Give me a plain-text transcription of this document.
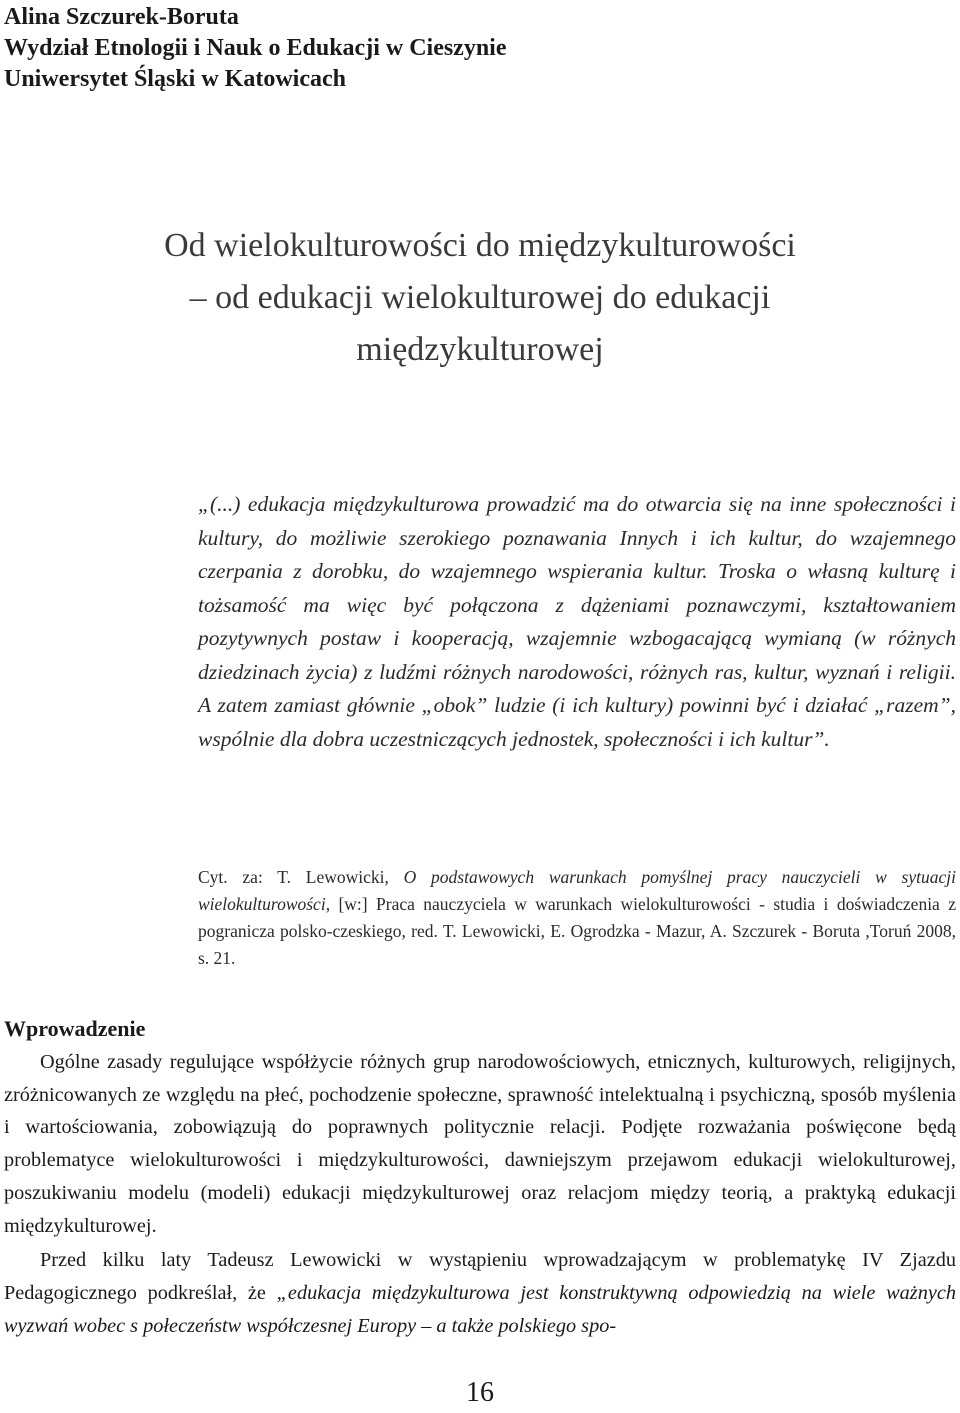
Alina Szczurek-Boruta
Wydział Etnologii i Nauk o Edukacji w Cieszynie
Uniwersytet Śląski w Katowicach
Od wielokulturowości do międzykulturowości
– od edukacji wielokulturowej do edukacji
międzykulturowej
„(...) edukacja międzykulturowa prowadzić ma do otwarcia się na inne społeczności i kultury, do możliwie szerokiego poznawania Innych i ich kultur, do wzajemnego czerpania z dorobku, do wzajemnego wspierania kultur. Troska o własną kulturę i tożsamość ma więc być połączona z dążeniami poznawczymi, kształtowaniem pozytywnych postaw i kooperacją, wzajemnie wzbogacającą wymianą (w różnych dziedzinach życia) z ludźmi różnych narodowości, różnych ras, kultur, wyznań i religii. A zatem zamiast głównie „obok” ludzie (i ich kultury) powinni być i działać „razem”, wspólnie dla dobra uczestniczących jednostek, społeczności i ich kultur”.
Cyt. za: T. Lewowicki, O podstawowych warunkach pomyślnej pracy nauczycieli w sytuacji wielokulturowości, [w:] Praca nauczyciela w warunkach wielokulturowości - studia i doświadczenia z pogranicza polsko-czeskiego, red. T. Lewowicki, E. Ogrodzka - Mazur, A. Szczurek - Boruta ,Toruń 2008, s. 21.
Wprowadzenie

Ogólne zasady regulujące współżycie różnych grup narodowościowych, etnicznych, kulturowych, religijnych, zróżnicowanych ze względu na płeć, pochodzenie społeczne, sprawność intelektualną i psychiczną, sposób myślenia i wartościowania, zobowiązują do poprawnych politycznie relacji. Podjęte rozważania poświęcone będą problematyce wielokulturowości i międzykulturowości, dawniejszym przejawom edukacji wielokulturowej, poszukiwaniu modelu (modeli) edukacji międzykulturowej oraz relacjom między teorią, a praktyką edukacji międzykulturowej.

Przed kilku laty Tadeusz Lewowicki w wystąpieniu wprowadzającym w problematykę IV Zjazdu Pedagogicznego podkreślał, że „edukacja międzykulturowa jest konstruktywną odpowiedzią na wiele ważnych wyzwań wobec s połeczeństw współczesnej Europy – a także polskiego spo-

16
